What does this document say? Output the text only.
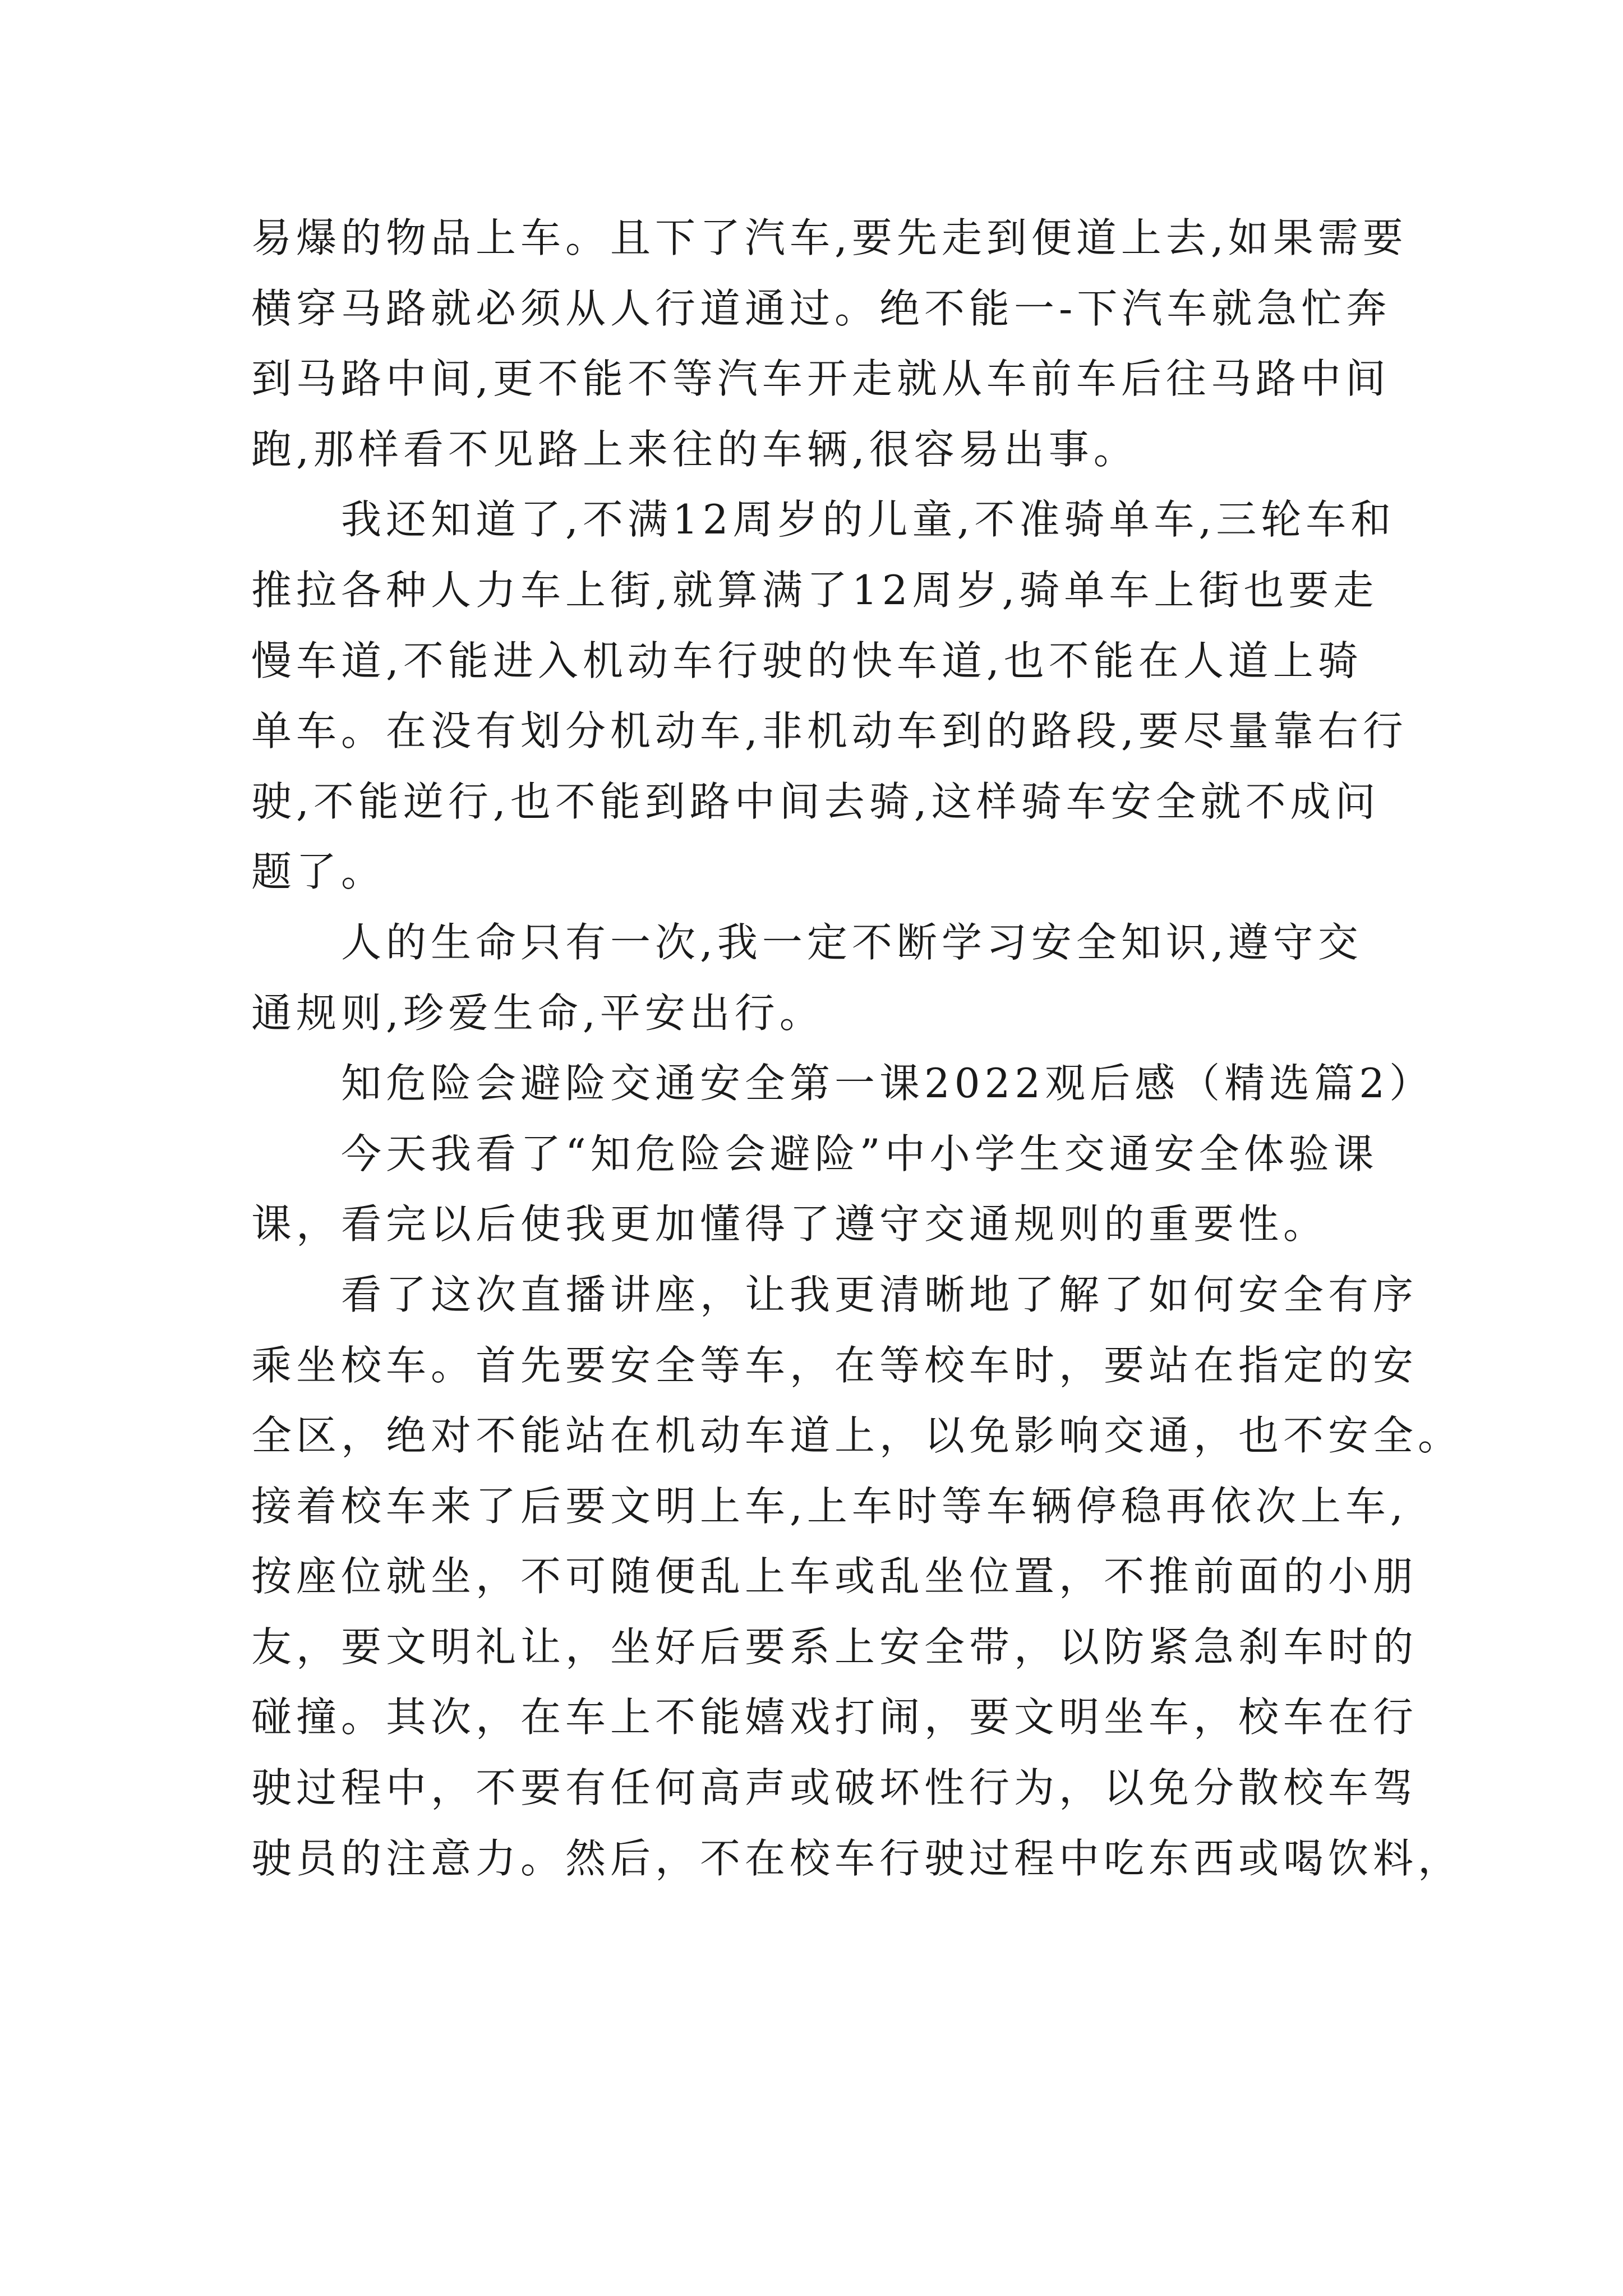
易爆的物品上车。且下了汽车,要先走到便道上去,如果需要
横穿马路就必须从人行道通过。绝不能一-下汽车就急忙奔
到马路中间,更不能不等汽车开走就从车前车后往马路中间
跑,那样看不见路上来往的车辆,很容易出事。

我还知道了,不满12周岁的儿童,不准骑单车,三轮车和
推拉各种人力车上街,就算满了12周岁,骑单车上街也要走
慢车道,不能进入机动车行驶的快车道,也不能在人道上骑
单车。在没有划分机动车,非机动车到的路段,要尽量靠右行
驶,不能逆行,也不能到路中间去骑,这样骑车安全就不成问
题了。

人的生命只有一次,我一定不断学习安全知识,遵守交
通规则,珍爱生命,平安出行。

知危险会避险交通安全第一课2022观后感（精选篇2）

今天我看了“知危险会避险”中小学生交通安全体验课
课，看完以后使我更加懂得了遵守交通规则的重要性。

看了这次直播讲座，让我更清晰地了解了如何安全有序
乘坐校车。首先要安全等车，在等校车时，要站在指定的安
全区，绝对不能站在机动车道上，以免影响交通，也不安全。
接着校车来了后要文明上车,上车时等车辆停稳再依次上车,
按座位就坐，不可随便乱上车或乱坐位置，不推前面的小朋
友，要文明礼让，坐好后要系上安全带，以防紧急刹车时的
碰撞。其次，在车上不能嬉戏打闹，要文明坐车，校车在行
驶过程中，不要有任何高声或破坏性行为，以免分散校车驾
驶员的注意力。然后，不在校车行驶过程中吃东西或喝饮料，
